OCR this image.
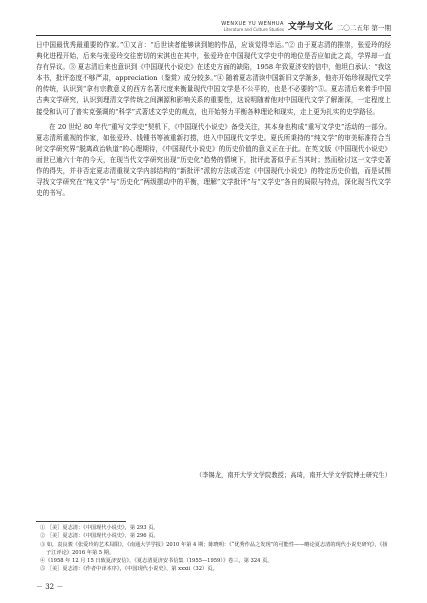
WENXUE YU WENHUA
Literature and Culture Studies 文学与文化 二〇二五年 第一期

日中国最优秀最重要的作家。”①又言：“后世读者能够读到她的作品，应该觉得幸运。”② 由于夏志清的推崇，张爱玲的经典化进程开始，后来与张爱玲交往密切的宋淇也在其中，张爱玲在中国现代文学史中的地位是否应如此之高，学界却一直存有异议。③ 夏志清后来也意识到《中国现代小说史》在述史方面的缺陷，1958 年致夏济安的信中，他坦白承认：“我这本书，批评态度不够严肃，appreciation（鉴赏）成分较多。”④ 随着夏志清读中国新旧文学渐多，他亦开始珍视现代文学的传统，认识到“拿有宗教意义的西方名著尺度来衡量现代中国文学是不公平的，也是不必要的”⑤。夏志清后来着手中国古典文学研究，认识到理清文学传统之间渊源和影响关系的重要性，这说明随着他对中国现代文学了解渐深，一定程度上接受和认可了普实克强调的“科学”式著述文学史的观点，也开始努力平衡各种理论和现实，走上更为扎实的史学路径。

在 20 世纪 80 年代“重写文学史”契机下，《中国现代小说史》备受关注，其本身也构成“重写文学史”活动的一部分。夏志清所重视的作家，如张爱玲、钱锺书等被重新打捞，进入中国现代文学史。夏氏所秉持的“纯文学”的审美标准符合当时文学研究界“脱离政治轨道”的心理期待，《中国现代小说史》的历史价值的意义正在于此。在英文版《中国现代小说史》面世已逾六十年的今天，在现当代文学研究出现“历史化”趋势的情境下，批评此著似乎正当其时；然而检讨这一文学史著作的得失，并非否定夏志清重视文学内部结构的“新批评”派的方法或否定《中国现代小说史》的特定历史价值，而是试图寻找文学研究在“纯文学”与“历史化”两级摆动中的平衡，理解“文学批评”与“文学史”各自的局限与特点，深化现当代文学史的书写。

（李锡龙，南开大学文学院教授；高琦，南开大学文学院博士研究生）
① ［美］夏志清：《中国现代小说史》，第 293 页。
② ［美］夏志清：《中国现代小说史》，第 296 页。
③ 如，袁良骏《张爱玲的艺术局限》，《南通大学学报》2010 年第 4 期；陈晓明：《“优秀作品之发现”的可能性——略论夏志清的现代小说史研究》，《扬子江评论》2016 年第 5 期。
④《1958 年 12 月 15 日致夏济安信》，《夏志清夏济安书信集（1955—1959）》卷三，第 324 页。
⑤ ［美］夏志清：《作者中译本序》，《中国现代小说史》，第 xxxii（32）页。
－ 32 －
